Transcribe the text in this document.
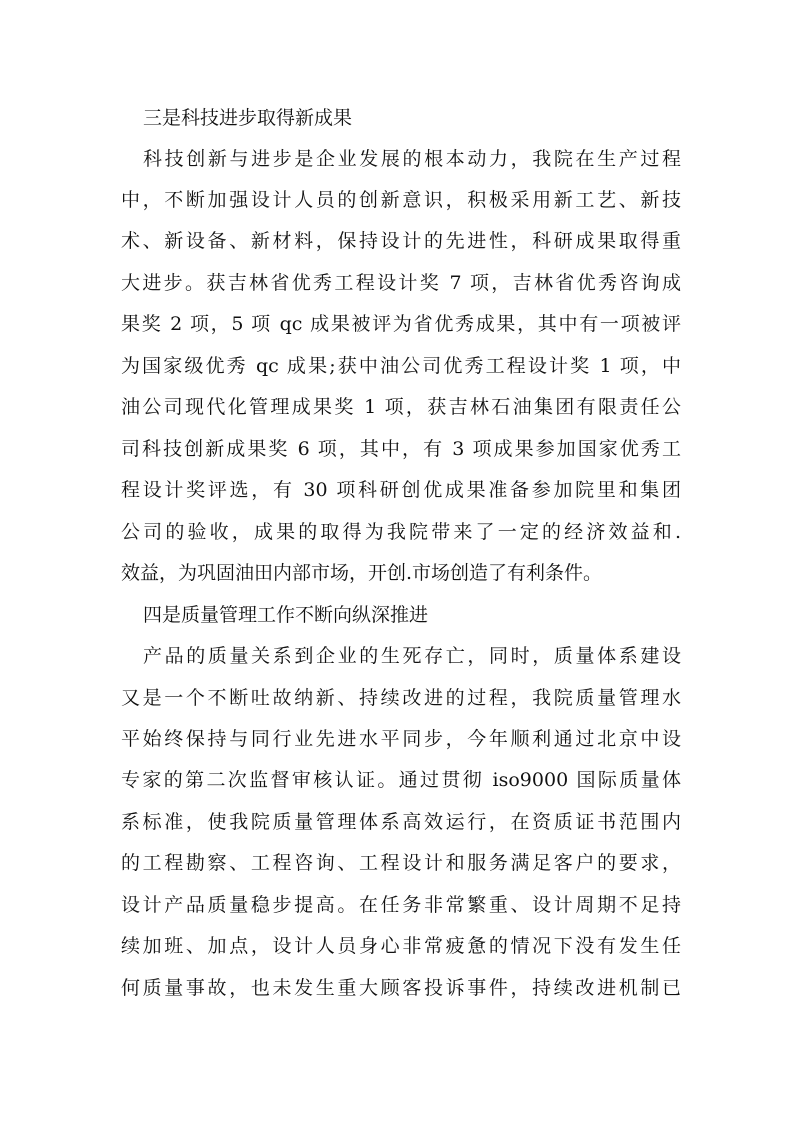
三是科技进步取得新成果
科技创新与进步是企业发展的根本动力，我院在生产过程
中，不断加强设计人员的创新意识，积极采用新工艺、新技
术、新设备、新材料，保持设计的先进性，科研成果取得重
大进步。获吉林省优秀工程设计奖 7 项，吉林省优秀咨询成
果奖 2 项，5 项 qc 成果被评为省优秀成果，其中有一项被评
为国家级优秀 qc 成果;获中油公司优秀工程设计奖 1 项，中
油公司现代化管理成果奖 1 项，获吉林石油集团有限责任公
司科技创新成果奖 6 项，其中，有 3 项成果参加国家优秀工
程设计奖评选，有 30 项科研创优成果准备参加院里和集团
公司的验收，成果的取得为我院带来了一定的经济效益和.
效益，为巩固油田内部市场，开创.市场创造了有利条件。
四是质量管理工作不断向纵深推进
产品的质量关系到企业的生死存亡，同时，质量体系建设
又是一个不断吐故纳新、持续改进的过程，我院质量管理水
平始终保持与同行业先进水平同步，今年顺利通过北京中设
专家的第二次监督审核认证。通过贯彻 iso9000 国际质量体
系标准，使我院质量管理体系高效运行，在资质证书范围内
的工程勘察、工程咨询、工程设计和服务满足客户的要求，
设计产品质量稳步提高。在任务非常繁重、设计周期不足持
续加班、加点，设计人员身心非常疲惫的情况下没有发生任
何质量事故，也未发生重大顾客投诉事件，持续改进机制已
